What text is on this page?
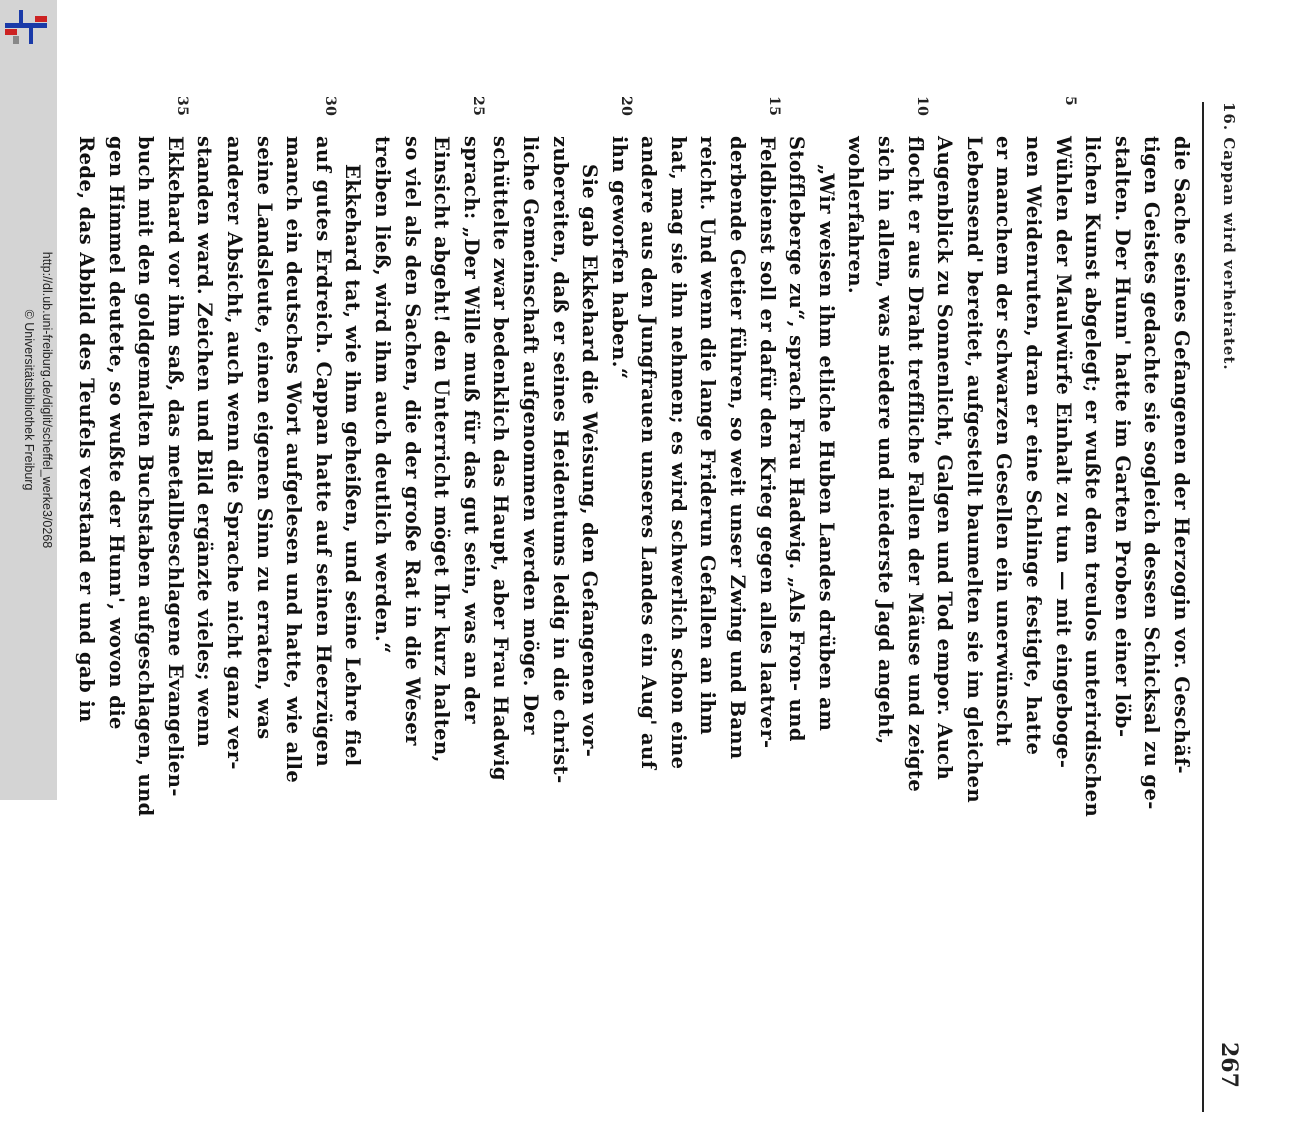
http://dl.ub.uni-freiburg.de/diglit/scheffel_werke3/0268
© Universitätsbibliothek Freiburg
16. Cappan wird verheiratet.
267
die Sache seines Gefangenen der Herzogin vor. Geschäf-
tigen Geistes gedachte sie sogleich dessen Schicksal zu ge-
stalten. Der Hunn' hatte im Garten Proben einer löb-
lichen Kunst abgelegt; er wußte dem treulos unterirdischen
5
Wühlen der Maulwürfe Einhalt zu tun — mit eingeboge-
nen Weidenruten, dran er eine Schlinge festigte, hatte
er manchem der schwarzen Gesellen ein unerwünscht
Lebensend' bereitet, aufgestellt baumelten sie im gleichen
Augenblick zu Sonnenlicht, Galgen und Tod empor. Auch
10
flocht er aus Draht treffliche Fallen der Mäuse und zeigte
sich in allem, was niedere und niederste Jagd angeht,
wohlerfahren.
„Wir weisen ihm etliche Huben Landes drüben am
Stoffleberge zu“, sprach Frau Hadwig. „Als Fron- und
15
Feldbienst soll er dafür den Krieg gegen alles laatver-
derbende Getier führen, so weit unser Zwing und Bann
reicht. Und wenn die lange Friderun Gefallen an ihm
hat, mag sie ihn nehmen; es wird schwerlich schon eine
andere aus den Jungfrauen unseres Landes ein Aug' auf
20
ihn geworfen haben.“
Sie gab Ekkehard die Weisung, den Gefangenen vor-
zubereiten, daß er seines Heidentums ledig in die christ-
liche Gemeinschaft aufgenommen werden möge. Der
schüttelte zwar bedenklich das Haupt, aber Frau Hadwig
25
sprach: „Der Wille muß für das gut sein, was an der
Einsicht abgeht! den Unterricht möget Ihr kurz halten,
so viel als den Sachen, die der große Rat in die Weser
treiben ließ, wird ihm auch deutlich werden.“
Ekkehard tat, wie ihm geheißen, und seine Lehre fiel
30
auf gutes Erdreich. Cappan hatte auf seinen Heerzügen
manch ein deutsches Wort aufgelesen und hatte, wie alle
seine Landsleute, einen eigenen Sinn zu erraten, was
anderer Absicht, auch wenn die Sprache nicht ganz ver-
standen ward. Zeichen und Bild ergänzte vieles; wenn
35
Ekkehard vor ihm saß, das metallbeschlagene Evangelien-
buch mit den goldgemalten Buchstaben aufgeschlagen, und
gen Himmel deutete, so wußte der Hunn', wovon die
Rede, das Abbild des Teufels verstand er und gab in
